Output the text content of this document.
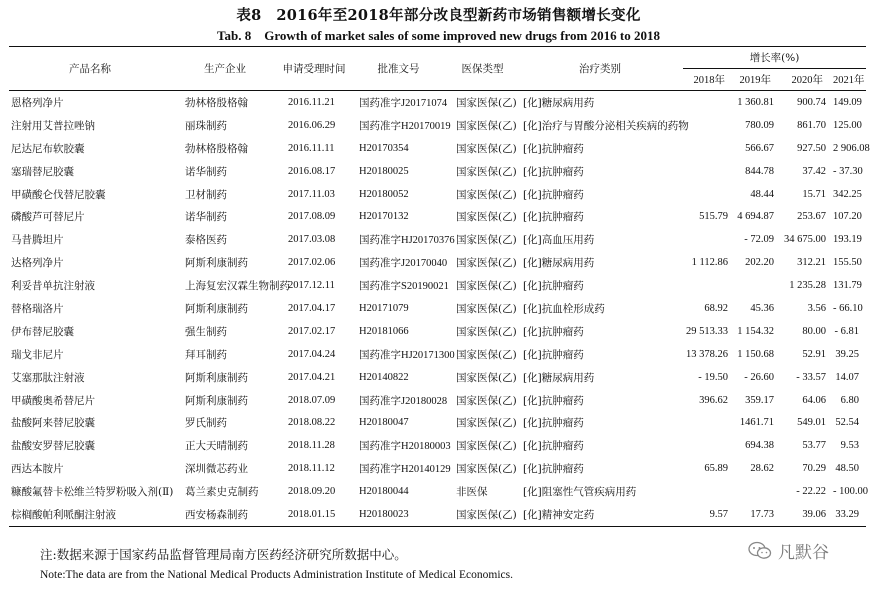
表8　2016年至2018年部分改良型新药市场销售额增长变化
Tab. 8　Growth of market sales of some improved new drugs from 2016 to 2018
产品名称	生产企业	申请受理时间	批准文号	医保类型	治疗类别	增长率(%)			
						2018年	2019年	2020年	2021年
恩格列净片	勃林格殷格翰	2016.11.21	国药准字J20171074	国家医保(乙)	[化]糖尿病用药		1 360.81	900.74	149.09
注射用艾普拉唑钠	丽珠制药	2016.06.29	国药准字H20170019	国家医保(乙)	[化]治疗与胃酸分泌相关疾病的药物		780.09	861.70	125.00
尼达尼布软胶囊	勃林格殷格翰	2016.11.11	H20170354	国家医保(乙)	[化]抗肿瘤药		566.67	927.50	2 906.08
塞瑞替尼胶囊	诺华制药	2016.08.17	H20180025	国家医保(乙)	[化]抗肿瘤药		844.78	37.42	- 37.30
甲磺酸仑伐替尼胶囊	卫材制药	2017.11.03	H20180052	国家医保(乙)	[化]抗肿瘤药		48.44	15.71	342.25
磷酸芦可替尼片	诺华制药	2017.08.09	H20170132	国家医保(乙)	[化]抗肿瘤药	515.79	4 694.87	253.67	107.20
马昔腾坦片	泰格医药	2017.03.08	国药准字HJ20170376	国家医保(乙)	[化]高血压用药		- 72.09	34 675.00	193.19
达格列净片	阿斯利康制药	2017.02.06	国药准字J20170040	国家医保(乙)	[化]糖尿病用药	1 112.86	202.20	312.21	155.50
利妥昔单抗注射液	上海复宏汉霖生物制药	2017.12.11	国药准字S20190021	国家医保(乙)	[化]抗肿瘤药			1 235.28	131.79
替格瑞洛片	阿斯利康制药	2017.04.17	H20171079	国家医保(乙)	[化]抗血栓形成药	68.92	45.36	3.56	- 66.10
伊布替尼胶囊	强生制药	2017.02.17	H20181066	国家医保(乙)	[化]抗肿瘤药	29 513.33	1 154.32	80.00	- 6.81
瑞戈非尼片	拜耳制药	2017.04.24	国药准字HJ20171300	国家医保(乙)	[化]抗肿瘤药	13 378.26	1 150.68	52.91	39.25
艾塞那肽注射液	阿斯利康制药	2017.04.21	H20140822	国家医保(乙)	[化]糖尿病用药	- 19.50	- 26.60	- 33.57	14.07
甲磺酸奥希替尼片	阿斯利康制药	2018.07.09	国药准字J20180028	国家医保(乙)	[化]抗肿瘤药	396.62	359.17	64.06	6.80
盐酸阿来替尼胶囊	罗氏制药	2018.08.22	H20180047	国家医保(乙)	[化]抗肿瘤药		1461.71	549.01	52.54
盐酸安罗替尼胶囊	正大天晴制药	2018.11.28	国药准字H20180003	国家医保(乙)	[化]抗肿瘤药		694.38	53.77	9.53
西达本胺片	深圳微芯药业	2018.11.12	国药准字H20140129	国家医保(乙)	[化]抗肿瘤药	65.89	28.62	70.29	48.50
糠酸氟替卡松维兰特罗粉吸入剂(Ⅱ)	葛兰素史克制药	2018.09.20	H20180044	非医保	[化]阻塞性气管疾病用药			- 22.22	- 100.00
棕榈酸帕利哌酮注射液	西安杨森制药	2018.01.15	H20180023	国家医保(乙)	[化]精神安定药	9.57	17.73	39.06	33.29
注:数据来源于国家药品监督管理局南方医药经济研究所数据中心。
Note:The data are from the National Medical Products Administration Institute of Medical Economics.
凡默谷
